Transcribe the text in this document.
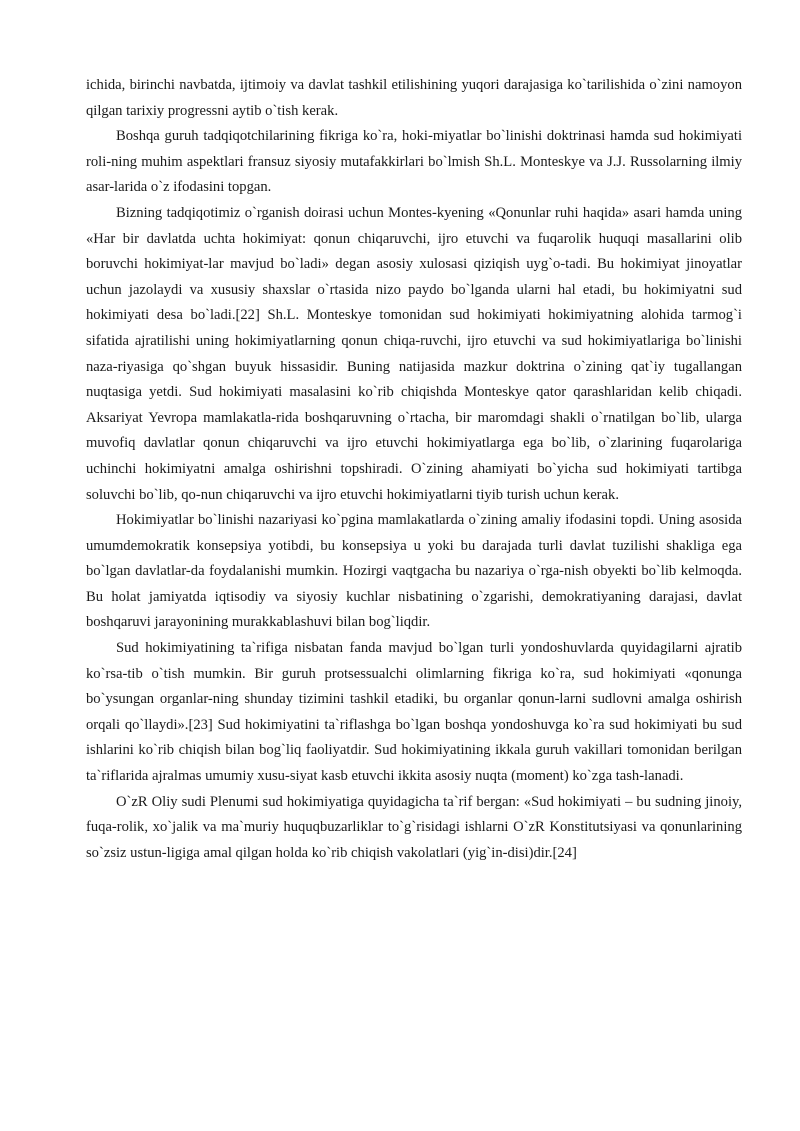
ichida, birinchi navbatda, ijtimoiy va davlat tashkil etilishining yuqori darajasiga ko`tarilishida o`zini namoyon qilgan tarixiy progressni aytib o`tish kerak.

Boshqa guruh tadqiqotchilarining fikriga ko`ra, hoki-miyatlar bo`linishi doktrinasi hamda sud hokimiyati roli-ning muhim aspektlari fransuz siyosiy mutafakkirlari bo`lmish Sh.L. Monteskye va J.J. Russolarning ilmiy asar-larida o`z ifodasini topgan.

Bizning tadqiqotimiz o`rganish doirasi uchun Montes-kyening «Qonunlar ruhi haqida» asari hamda uning «Har bir davlatda uchta hokimiyat: qonun chiqaruvchi, ijro etuvchi va fuqarolik huquqi masallarini olib boruvchi hokimiyat-lar mavjud bo`ladi» degan asosiy xulosasi qiziqish uyg`o-tadi. Bu hokimiyat jinoyatlar uchun jazolaydi va xususiy shaxslar o`rtasida nizo paydo bo`lganda ularni hal etadi, bu hokimiyatni sud hokimiyati desa bo`ladi.[22] Sh.L. Monteskye tomonidan sud hokimiyati hokimiyatning alohida tarmog`i sifatida ajratilishi uning hokimiyatlarning qonun chiqa-ruvchi, ijro etuvchi va sud hokimiyatlariga bo`linishi naza-riyasiga qo`shgan buyuk hissasidir. Buning natijasida mazkur doktrina o`zining qat`iy tugallangan nuqtasiga yetdi. Sud hokimiyati masalasini ko`rib chiqishda Monteskye qator qarashlaridan kelib chiqadi. Aksariyat Yevropa mamlakatla-rida boshqaruvning o`rtacha, bir maromdagi shakli o`rnatilgan bo`lib, ularga muvofiq davlatlar qonun chiqaruvchi va ijro etuvchi hokimiyatlarga ega bo`lib, o`zlarining fuqarolariga uchinchi hokimiyatni amalga oshirishni topshiradi. O`zining ahamiyati bo`yicha sud hokimiyati tartibga soluvchi bo`lib, qo-nun chiqaruvchi va ijro etuvchi hokimiyatlarni tiyib turish uchun kerak.

Hokimiyatlar bo`linishi nazariyasi ko`pgina mamlakatlarda o`zining amaliy ifodasini topdi. Uning asosida umumdemokratik konsepsiya yotibdi, bu konsepsiya u yoki bu darajada turli davlat tuzilishi shakliga ega bo`lgan davlatlar-da foydalanishi mumkin. Hozirgi vaqtgacha bu nazariya o`rga-nish obyekti bo`lib kelmoqda. Bu holat jamiyatda iqtisodiy va siyosiy kuchlar nisbatining o`zgarishi, demokratiyaning darajasi, davlat boshqaruvi jarayonining murakkablashuvi bilan bog`liqdir.

Sud hokimiyatining ta`rifiga nisbatan fanda mavjud bo`lgan turli yondoshuvlarda quyidagilarni ajratib ko`rsa-tib o`tish mumkin. Bir guruh protsessualchi olimlarning fikriga ko`ra, sud hokimiyati «qonunga bo`ysungan organlar-ning shunday tizimini tashkil etadiki, bu organlar qonun-larni sudlovni amalga oshirish orqali qo`llaydi».[23] Sud hokimiyatini ta`riflashga bo`lgan boshqa yondoshuvga ko`ra sud hokimiyati bu sud ishlarini ko`rib chiqish bilan bog`liq faoliyatdir. Sud hokimiyatining ikkala guruh vakillari tomonidan berilgan ta`riflarida ajralmas umumiy xusu-siyat kasb etuvchi ikkita asosiy nuqta (moment) ko`zga tash-lanadi.

O`zR Oliy sudi Plenumi sud hokimiyatiga quyidagicha ta`rif bergan: «Sud hokimiyati – bu sudning jinoiy, fuqa-rolik, xo`jalik va ma`muriy huquqbuzarliklar to`g`risidagi ishlarni O`zR Konstitutsiyasi va qonunlarining so`zsiz ustun-ligiga amal qilgan holda ko`rib chiqish vakolatlari (yig`in-disi)dir.[24]
